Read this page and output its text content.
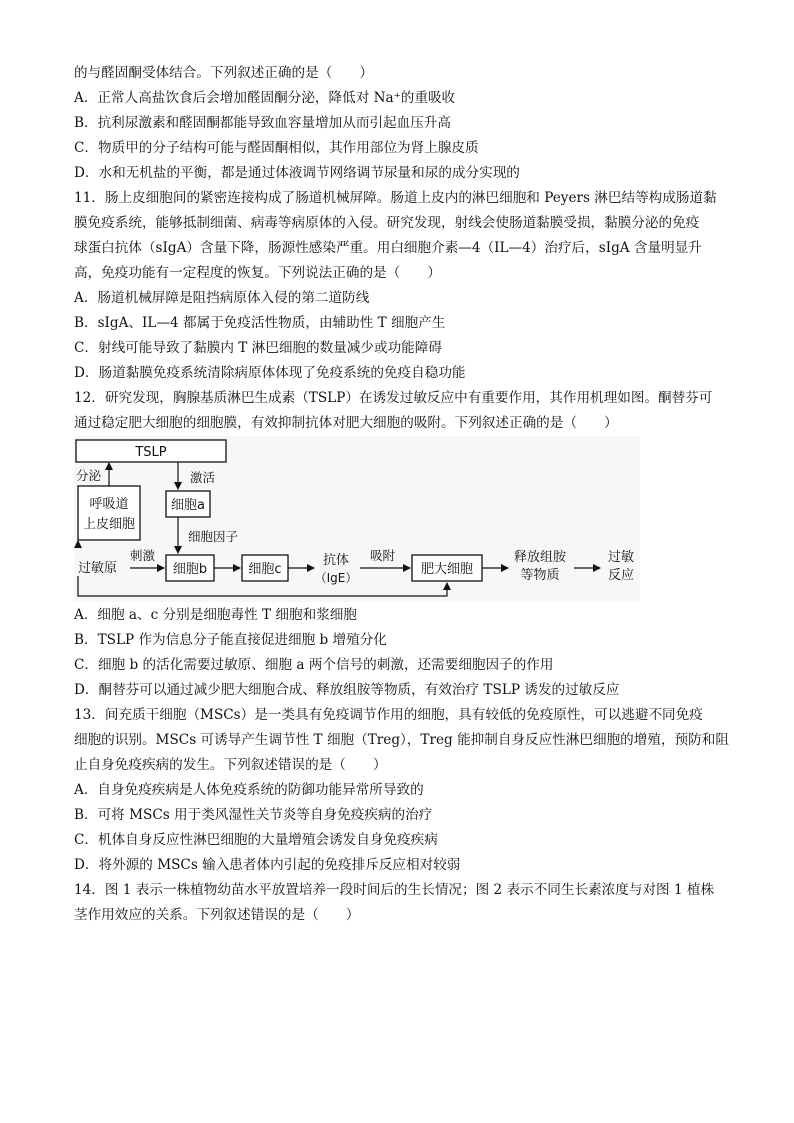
的与醛固酮受体结合。下列叙述正确的是（　　）
A．正常人高盐饮食后会增加醛固酮分泌，降低对 Na⁺的重吸收
B．抗利尿激素和醛固酮都能导致血容量增加从而引起血压升高
C．物质甲的分子结构可能与醛固酮相似，其作用部位为肾上腺皮质
D．水和无机盐的平衡，都是通过体液调节网络调节尿量和尿的成分实现的
11．肠上皮细胞间的紧密连接构成了肠道机械屏障。肠道上皮内的淋巴细胞和 Peyers 淋巴结等构成肠道黏
膜免疫系统，能够抵制细菌、病毒等病原体的入侵。研究发现，射线会使肠道黏膜受损，黏膜分泌的免疫
球蛋白抗体（sIgA）含量下降，肠源性感染严重。用白细胞介素—4（IL—4）治疗后，sIgA 含量明显升
高，免疫功能有一定程度的恢复。下列说法正确的是（　　）
A．肠道机械屏障是阻挡病原体入侵的第二道防线
B．sIgA、IL—4 都属于免疫活性物质，由辅助性 T 细胞产生
C．射线可能导致了黏膜内 T 淋巴细胞的数量减少或功能障碍
D．肠道黏膜免疫系统清除病原体体现了免疫系统的免疫自稳功能
12．研究发现，胸腺基质淋巴生成素（TSLP）在诱发过敏反应中有重要作用，其作用机理如图。酮替芬可
通过稳定肥大细胞的细胞膜，有效抑制抗体对肥大细胞的吸附。下列叙述正确的是（　　）
TSLP
呼吸道
上皮细胞
分泌	激活
细胞a
细胞因子
过敏原
刺激
细胞b	细胞c
抗体
（IgE）
吸附
肥大细胞
释放组胺
等物质
过敏
反应
A．细胞 a、c 分别是细胞毒性 T 细胞和浆细胞
B．TSLP 作为信息分子能直接促进细胞 b 增殖分化
C．细胞 b 的活化需要过敏原、细胞 a 两个信号的刺激，还需要细胞因子的作用
D．酮替芬可以通过减少肥大细胞合成、释放组胺等物质，有效治疗 TSLP 诱发的过敏反应
13．间充质干细胞（MSCs）是一类具有免疫调节作用的细胞，具有较低的免疫原性，可以逃避不同免疫
细胞的识别。MSCs 可诱导产生调节性 T 细胞（Treg），Treg 能抑制自身反应性淋巴细胞的增殖，预防和阻
止自身免疫疾病的发生。下列叙述错误的是（　　）
A．自身免疫疾病是人体免疫系统的防御功能异常所导致的
B．可将 MSCs 用于类风湿性关节炎等自身免疫疾病的治疗
C．机体自身反应性淋巴细胞的大量增殖会诱发自身免疫疾病
D．将外源的 MSCs 输入患者体内引起的免疫排斥反应相对较弱
14．图 1 表示一株植物幼苗水平放置培养一段时间后的生长情况；图 2 表示不同生长素浓度与对图 1 植株
茎作用效应的关系。下列叙述错误的是（　　）
